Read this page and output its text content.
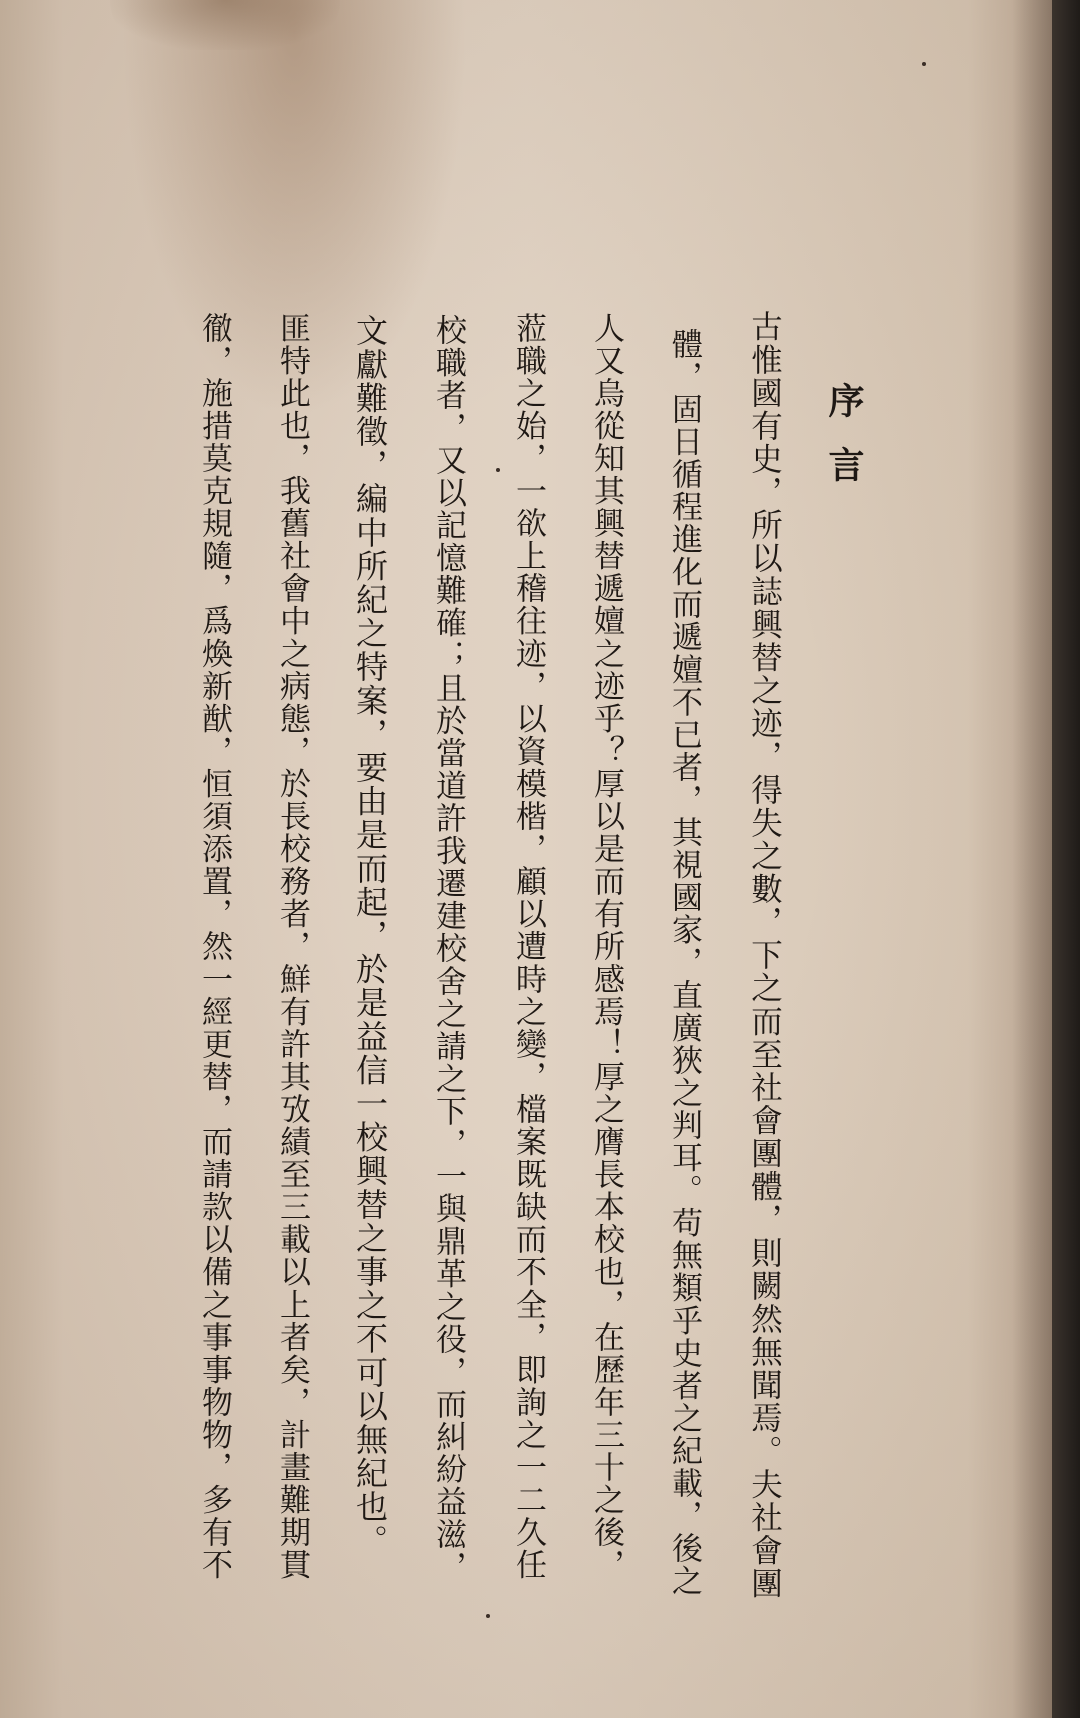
序言
古惟國有史，所以誌興替之迹，得失之數，下之而至社會團體，則闕然無聞焉。夫社會團
體，固日循程進化而遞嬗不已者，其視國家，直廣狹之判耳。苟無類乎史者之紀載，後之
人又烏從知其興替遞嬗之迹乎？厚以是而有所感焉！厚之膺長本校也，在歷年三十之後，
蒞職之始，一欲上稽往迹，以資模楷，顧以遭時之變，檔案既缺而不全，即詢之一二久任
校職者，又以記憶難確；且於當道許我遷建校舍之請之下，一與鼎革之役，而糾紛益滋，
文獻難徵，編中所紀之特案，要由是而起，於是益信一校興替之事之不可以無紀也。
匪特此也，我舊社會中之病態，於長校務者，鮮有許其攷績至三載以上者矣，計畫難期貫
徹，施措莫克規隨，爲煥新猷，恒須添置，然一經更替，而請款以備之事事物物，多有不
